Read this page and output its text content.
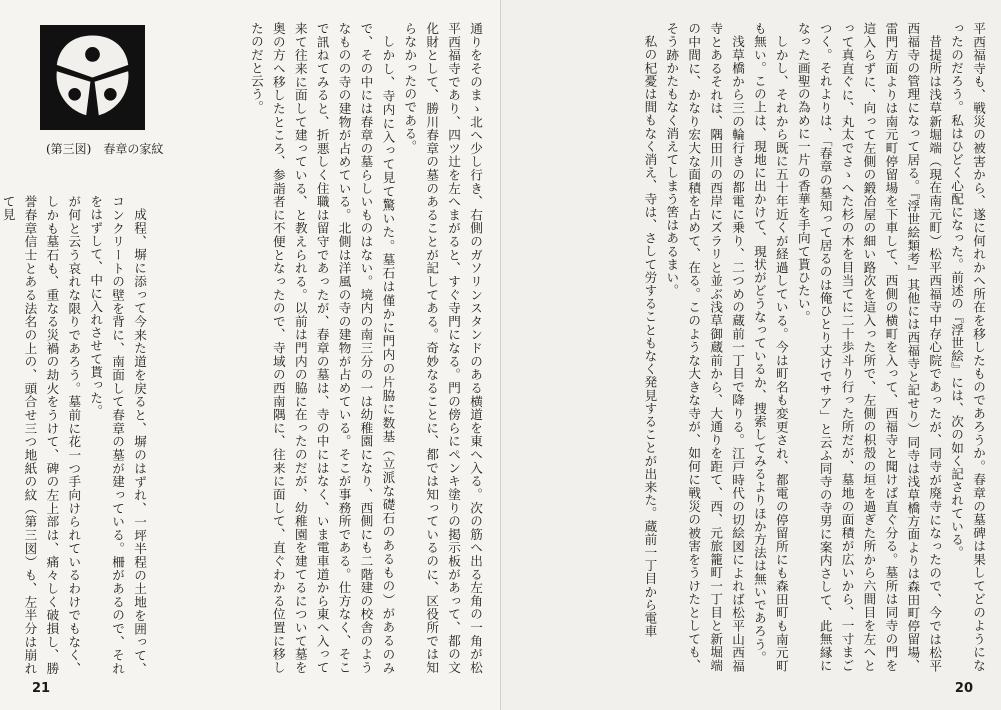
(第三図)　春章の家紋	通りをそのまゝ北へ少し行き、右側のガソリンスタンドのある横道を東へ入る。次の筋へ出る左角の一角が松平西福寺であり、四ツ辻を左へまがると、すぐ寺門になる。門の傍らにペンキ塗りの掲示板があって、都の文化財として、勝川春章の墓のあることが記してある。奇妙なることに、都では知っているのに、区役所では知らなかったのである。
しかし、寺内に入って見て驚いた。墓石は僅かに門内の片脇に数基（立派な礎石のあるもの）があるのみで、その中には春章の墓らしいものはない。境内の南三分の一は幼稚園になり、西側にも二階建の校舎のようなものの寺の建物が占めている。北側は洋風の寺の建物が占めている。そこが事務所である。仕方なく、そこで訊ねてみると、折悪しく住職は留守であったが、春章の墓は、寺の中にはなく、いま電車道から東へ入って来て往来に面して建っている、と教えられる。以前は門内の脇に在ったのだが、幼稚園を建てるについて墓を奥の方へ移したところ、参詣者に不便となったので、寺域の西南隅に、往来に面して、直ぐわかる位置に移したのだと云う。
成程、塀に添って今来た道を戻ると、塀のはずれ、一坪半程の土地を囲って、コンクリートの壁を背に、南面して春章の墓が建っている。柵があるので、それをはずして、中に入れさせて貰った。
が何と云う哀れな限りであろう。墓前に花一つ手向けられているわけでもなく、しかも墓石も、重なる災禍の劫火をうけて、碑の左上部は、痛々しく破損し、勝誉春章信士とある法名の上の、頭合せ三つ地紙の紋（第三図）も、左半分は崩れて見
21
平西福寺も、戦災の被害から、遂に何れかへ所在を移したものであろうか。春章の墓碑は果してどのようになったのだろう。私はひどく心配になった。前述の『浮世絵』には、次の如く記されている。
昔提所は浅草新堀端（現在南元町）松平西福寺中存心院であったが、同寺が廃寺になったので、今では松平西福寺の管理になって居る。『浮世絵類考』其他には西福寺と記せり）同寺は浅草橋方面よりは森田町停留場、雷門方面よりは南元町停留場を下車して、西側の横町を入って、西福寺と聞けば直ぐ分る。墓所は同寺の門を這入らずに、向って左側の鍛冶屋の細い路次を這入った所で、左側の枳殻の垣を過ぎた所から六間目を左へとって真直ぐに、丸太でさゝへた杉の木を目当てに二十歩斗り行った所だが、墓地の面積が広いから、一寸まごつく。それよりは、「春章の墓知って居るのは俺ひとり丈けでサア」と云ふ同寺の寺男に案内さして、此無縁になった画聖の為めに一片の香華を手向て貰ひたい。
しかし、それから既に五十年近くが経過している。今は町名も変更され、都電の停留所にも森田町も南元町も無い。この上は、現地に出かけて、現状がどうなっているか、捜索してみるよりほか方法は無いであろう。
浅草橋から三の輪行きの都電に乗り、二つめの蔵前一丁目で降りる。江戸時代の切絵図によれば松平山西福寺とあるそれは、隅田川の西岸にズラリと並ぶ浅草御蔵前から、大通りを距て、西、元旅籠町一丁目と新堀端の中間に、かなり宏大な面積を占めて、在る。このような大きな寺が、如何に戦災の被害をうけたとしても、そう跡かたもなく消えてしまう筈はあるまい。
私の杞憂は間もなく消え、寺は、さして労することもなく発見することが出来た。蔵前一丁目から電車
20
